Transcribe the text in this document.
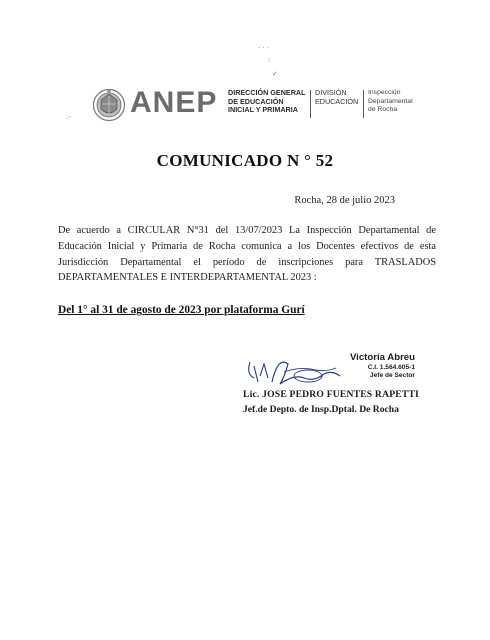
· · ·
:
✓
.- ANEP DIRECCIÓN GENERAL
DE EDUCACIÓN
INICIAL Y PRIMARIA
DIVISIÓN
EDUCACIÓN
Inspección
Departamental
de Rocha
COMUNICADO N ° 52
Rocha, 28 de julio 2023
De acuerdo a CIRCULAR N°31 del 13/07/2023 La Inspección Departamental de Educación Inicial y Primaria de Rocha comunica a los Docentes efectivos de esta Jurisdicción Departamental el período de inscripciones para TRASLADOS DEPARTAMENTALES E INTERDEPARTAMENTAL 2023 :
Del 1° al 31 de agosto de 2023 por plataforma Gurí
Victoria Abreu
C.I. 1.564.605-1
Jefe de Sector
Lic. JOSE PEDRO FUENTES RAPETTI
Jef.de Depto. de Insp.Dptal. De Rocha
